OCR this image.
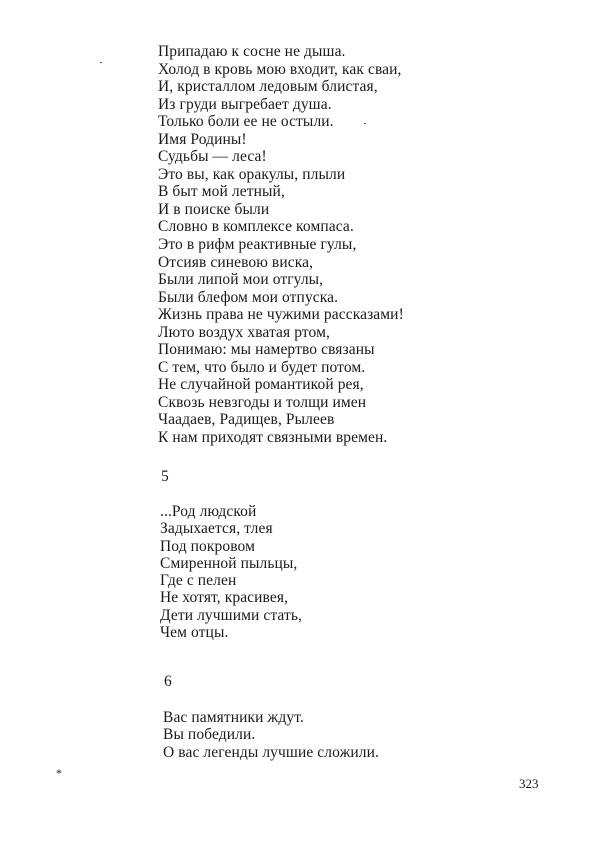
Припадаю к сосне не дыша.
Холод в кровь мою входит, как сваи,
И, кристаллом ледовым блистая,
Из груди выгребает душа.
Только боли ее не остыли.
Имя Родины!
Судьбы — леса!
Это вы, как оракулы, плыли
В быт мой летный,
И в поиске были
Словно в комплексе компаса.
Это в рифм реактивные гулы,
Отсияв синевою виска,
Были липой мои отгулы,
Были блефом мои отпуска.
Жизнь права не чужими рассказами!
Люто воздух хватая ртом,
Понимаю: мы намертво связаны
С тем, что было и будет потом.
Не случайной романтикой рея,
Сквозь невзгоды и толщи имен
Чаадаев, Радищев, Рылеев
К нам приходят связными времен.
5
...Род людской
Задыхается, тлея
Под покровом
Смиренной пыльцы,
Где с пелен
Не хотят, красивея,
Дети лучшими стать,
Чем отцы.
6
Вас памятники ждут.
Вы победили.
О вас легенды лучшие сложили.
*
323
